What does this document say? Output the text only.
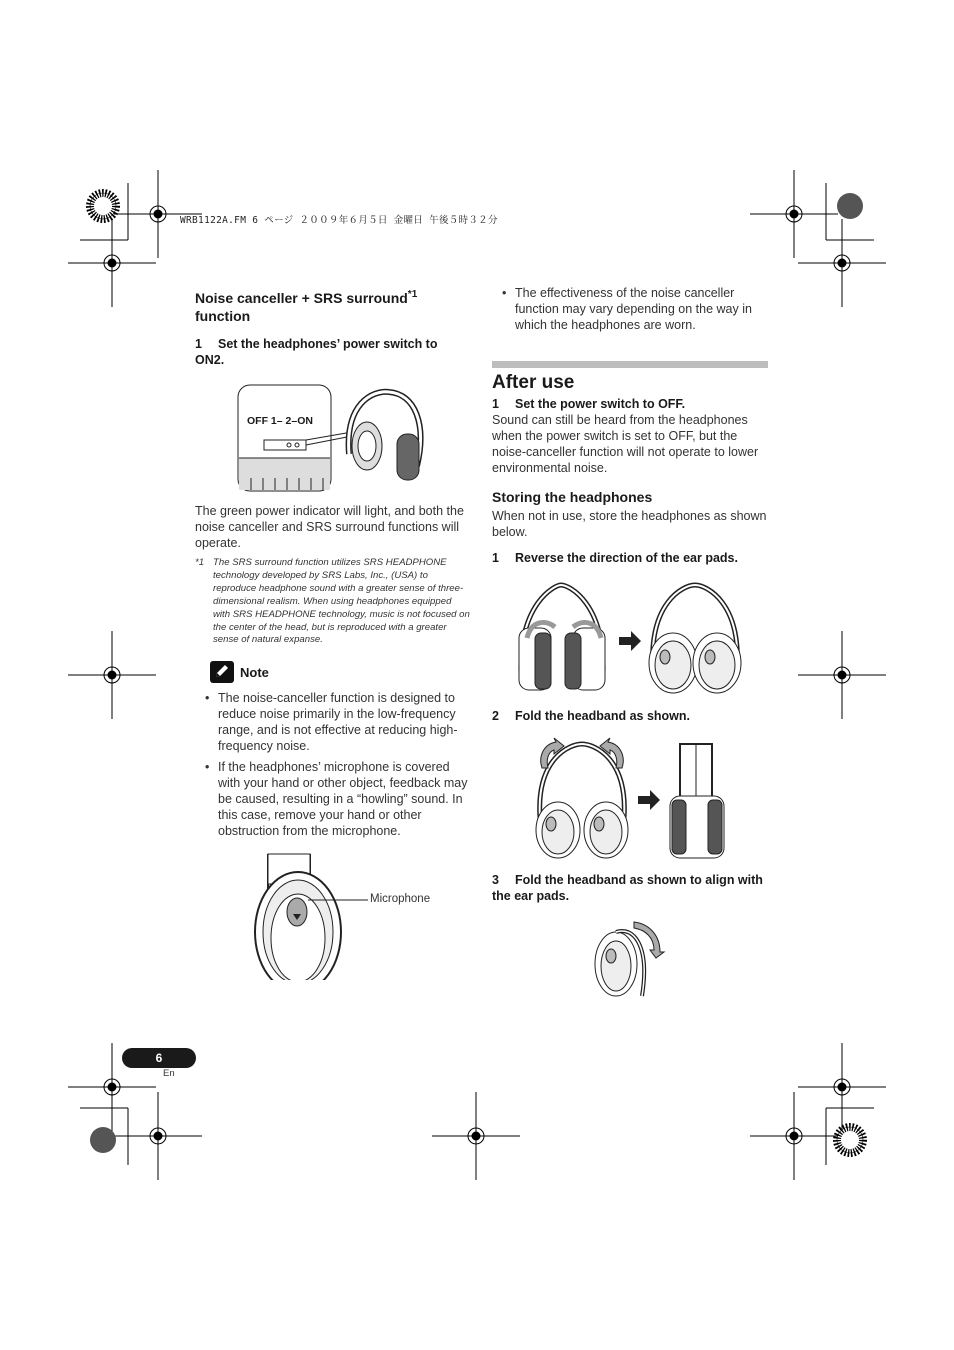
WRB1122A.FM 6 ページ ２００９年６月５日 金曜日 午後５時３２分
Noise canceller + SRS surround$^{*1}$
function
1 Set the headphones’ power switch to
ON2.
OFF 1– 2–ON
The green power indicator will light, and both the noise canceller and SRS surround functions will operate.
*1 The SRS surround function utilizes SRS HEADPHONE technology developed by SRS Labs, Inc., (USA) to reproduce headphone sound with a greater sense of three-dimensional realism. When using headphones equipped with SRS HEADPHONE technology, music is not focused on the center of the head, but is reproduced with a greater sense of natural expanse.
Note
• The noise-canceller function is designed to reduce noise primarily in the low-frequency range, and is not effective at reducing high-frequency noise.
• If the headphones’ microphone is covered with your hand or other object, feedback may be caused, resulting in a “howling” sound. In this case, remove your hand or other obstruction from the microphone.
Microphone
• The effectiveness of the noise canceller function may vary depending on the way in which the headphones are worn.
After use
1 Set the power switch to OFF.
Sound can still be heard from the headphones when the power switch is set to OFF, but the noise-canceller function will not operate to lower environmental noise.
Storing the headphones
When not in use, store the headphones as shown below.
1 Reverse the direction of the ear pads.
2 Fold the headband as shown.
3 Fold the headband as shown to align with the ear pads.
6
En
